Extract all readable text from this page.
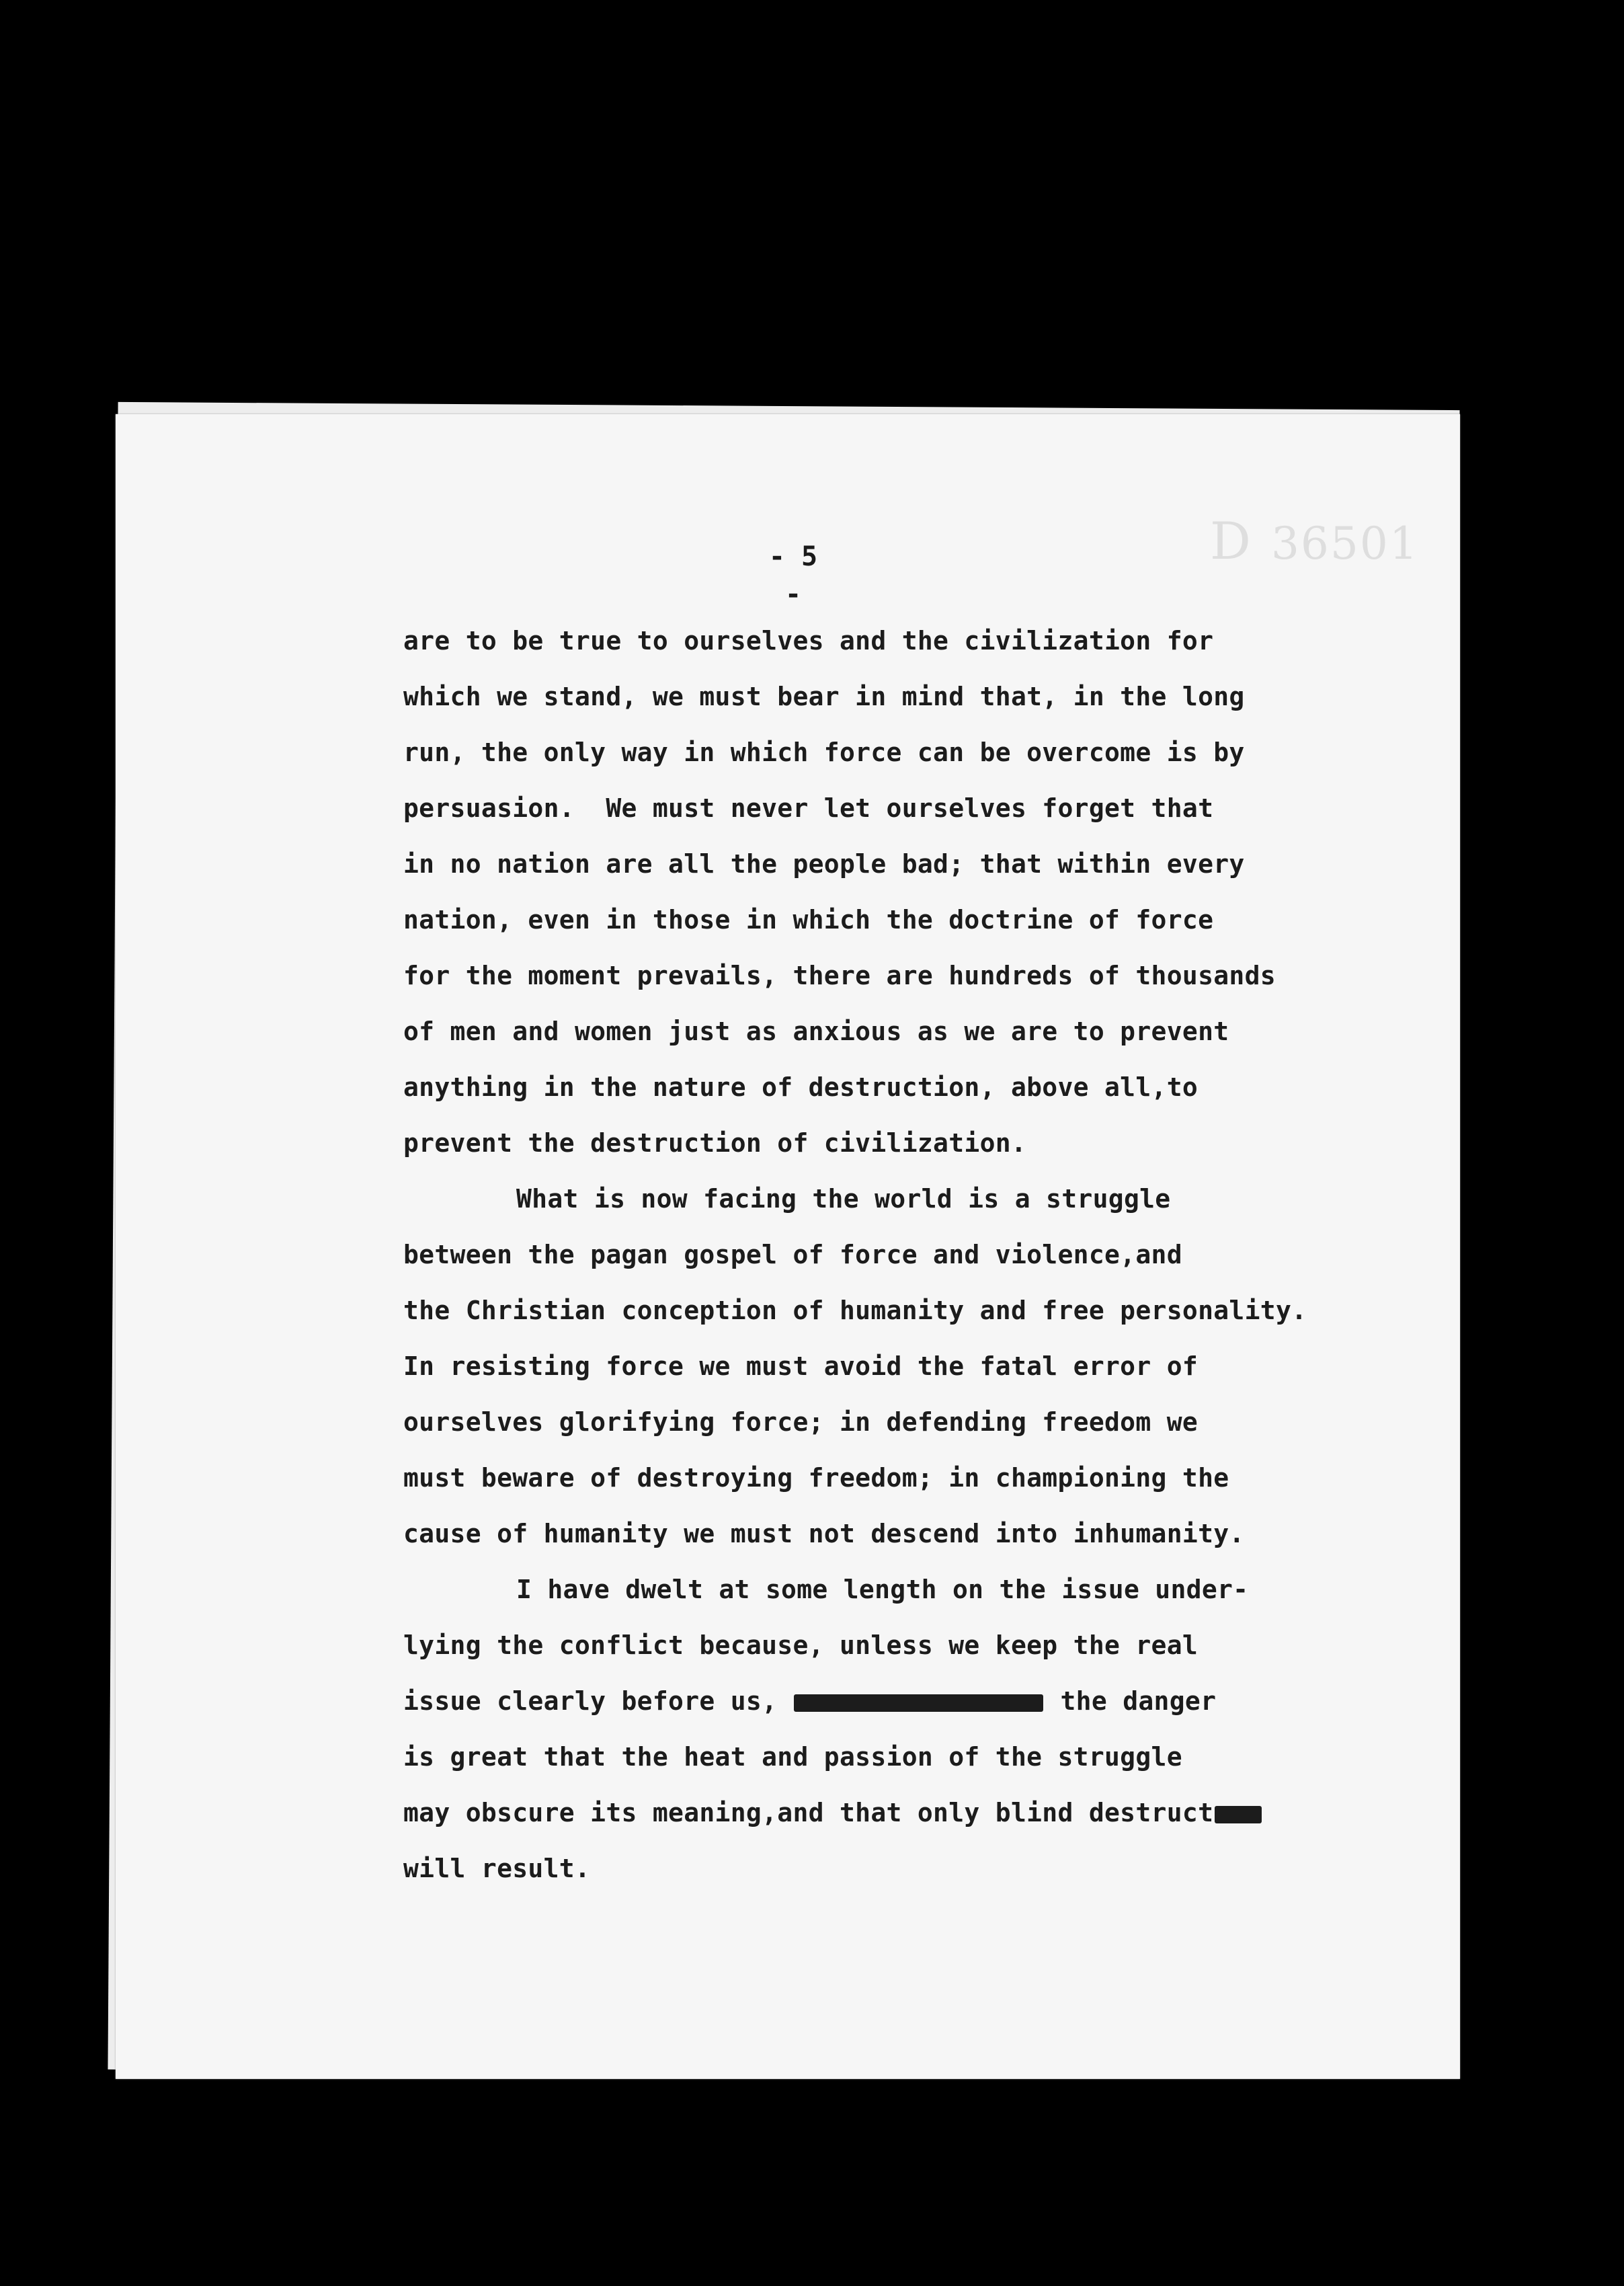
- 5 -
D 36501
are to be true to ourselves and the civilization for
which we stand, we must bear in mind that, in the long
run, the only way in which force can be overcome is by
persuasion.  We must never let ourselves forget that
in no nation are all the people bad; that within every
nation, even in those in which the doctrine of force
for the moment prevails, there are hundreds of thousands
of men and women just as anxious as we are to prevent
anything in the nature of destruction, above all,to
prevent the destruction of civilization.
What is now facing the world is a struggle
between the pagan gospel of force and violence,and
the Christian conception of humanity and free personality.
In resisting force we must avoid the fatal error of
ourselves glorifying force; in defending freedom we
must beware of destroying freedom; in championing the
cause of humanity we must not descend into inhumanity.
I have dwelt at some length on the issue under-
lying the conflict because, unless we keep the real
issue clearly before us,	the danger
is great that the heat and passion of the struggle
may obscure its meaning,and that only blind destruct
will result.
